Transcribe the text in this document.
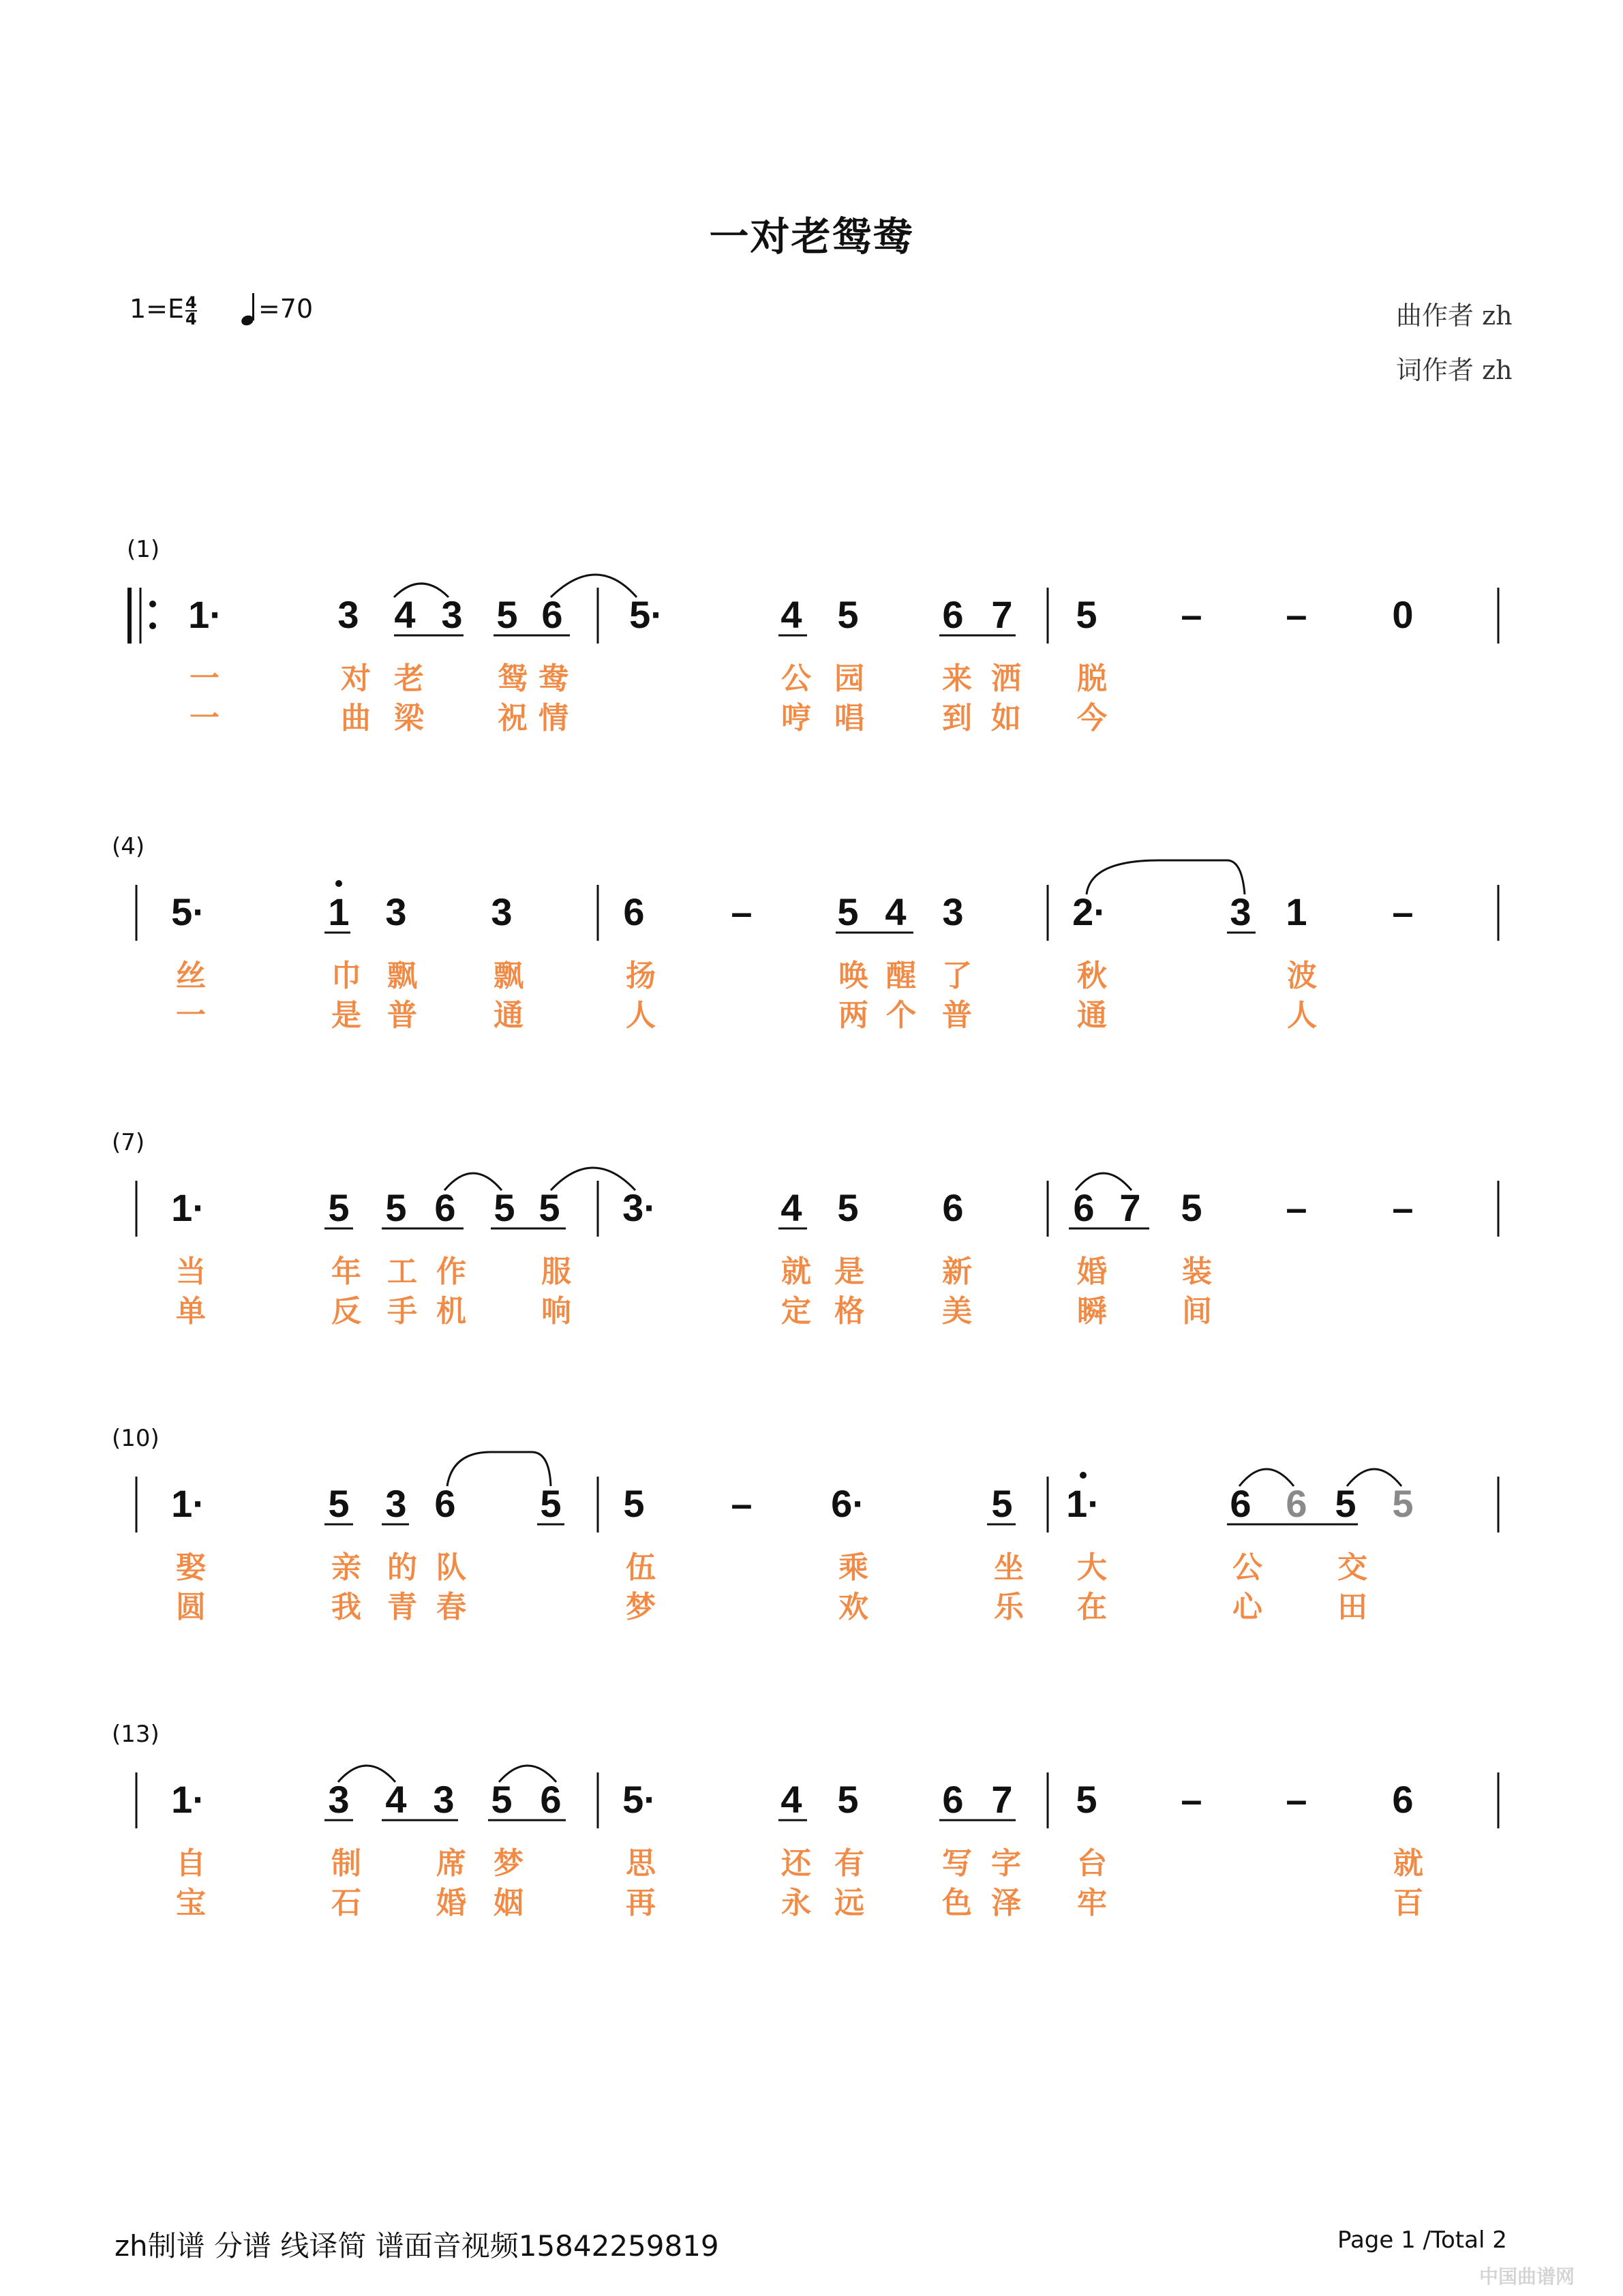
一对老鸳鸯
$1=E \frac{4}{4} =70$	曲作者 zh
词作者 zh
(1)
(4)
(7)
(10)
(13)
1·	3 4 3 5 6 5·	4 5 6 7 5 – – 0
一	对 老 鸳 鸯	公 园	来 洒 脱
一	曲 梁 祝 情	哼 唱	到 如 今
5·	1 3 3	6 – 5 4 3	2·	3 1 –
丝	巾 飘	飘	扬	唤 醒 了	秋	波
一	是 普	通	人	两 个 普	通	人
1·	5 5 6 5 5 3·	4 5 6	6 7 5 – –
当	年 工 作	服	就 是	新	婚	装
单	反 手 机	响	定 格	美	瞬	间
1·	5 3 6 5 5 – 6·	5 1·	6 6 5 5
娶	亲 的 队	伍	乘	坐 大	公	交
圆	我 青 春	梦	欢	乐 在	心	田
1·	3 4 3 5 6 5·	4 5 6 7 5 – – 6
自	制	席 梦	思	还 有	写 字 台	就
宝	石	婚 姻	再	永 远	色 泽 牢	百
zh制谱 分谱 线译简 谱面音视频15842259819	Page 1 /Total 2
中国曲谱网
